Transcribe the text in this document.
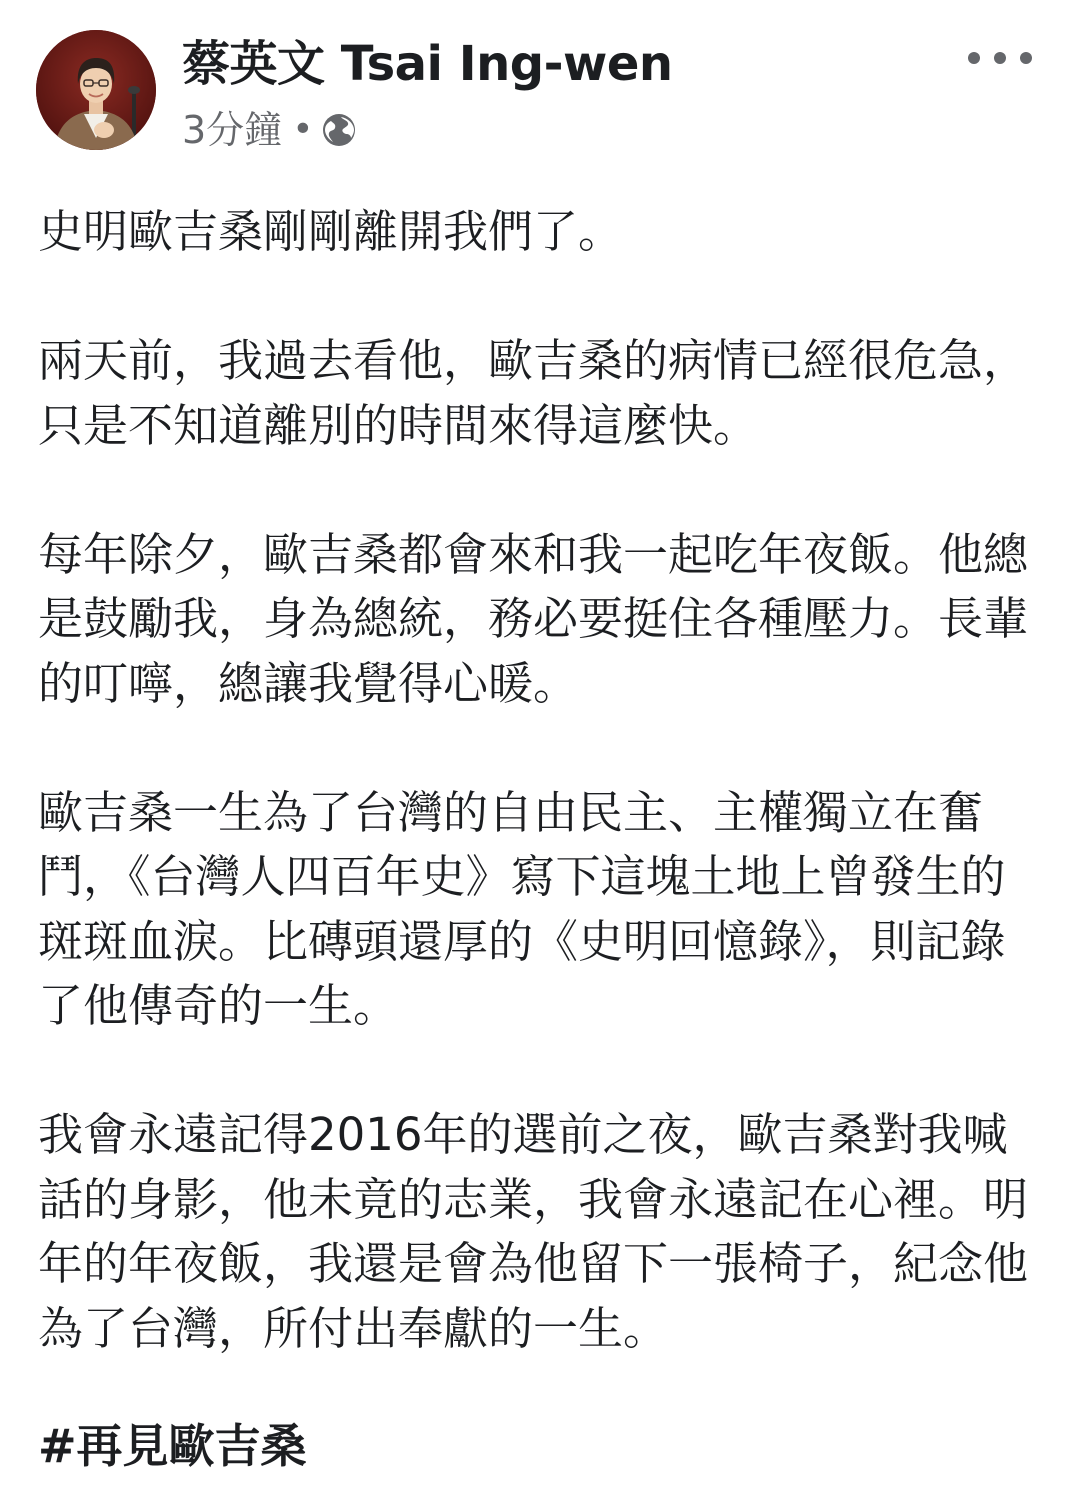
蔡英文 Tsai Ing-wen
3分鐘 •

史明歐吉桑剛剛離開我們了。

兩天前，我過去看他，歐吉桑的病情已經很危急，只是不知道離別的時間來得這麼快。

每年除夕，歐吉桑都會來和我一起吃年夜飯。他總是鼓勵我，身為總統，務必要挺住各種壓力。長輩的叮嚀，總讓我覺得心暖。

歐吉桑一生為了台灣的自由民主、主權獨立在奮鬥，《台灣人四百年史》寫下這塊土地上曾發生的斑斑血淚。比磚頭還厚的《史明回憶錄》，則記錄了他傳奇的一生。

我會永遠記得2016年的選前之夜，歐吉桑對我喊話的身影，他未竟的志業，我會永遠記在心裡。明年的年夜飯，我還是會為他留下一張椅子，紀念他為了台灣，所付出奉獻的一生。

#再見歐吉桑
